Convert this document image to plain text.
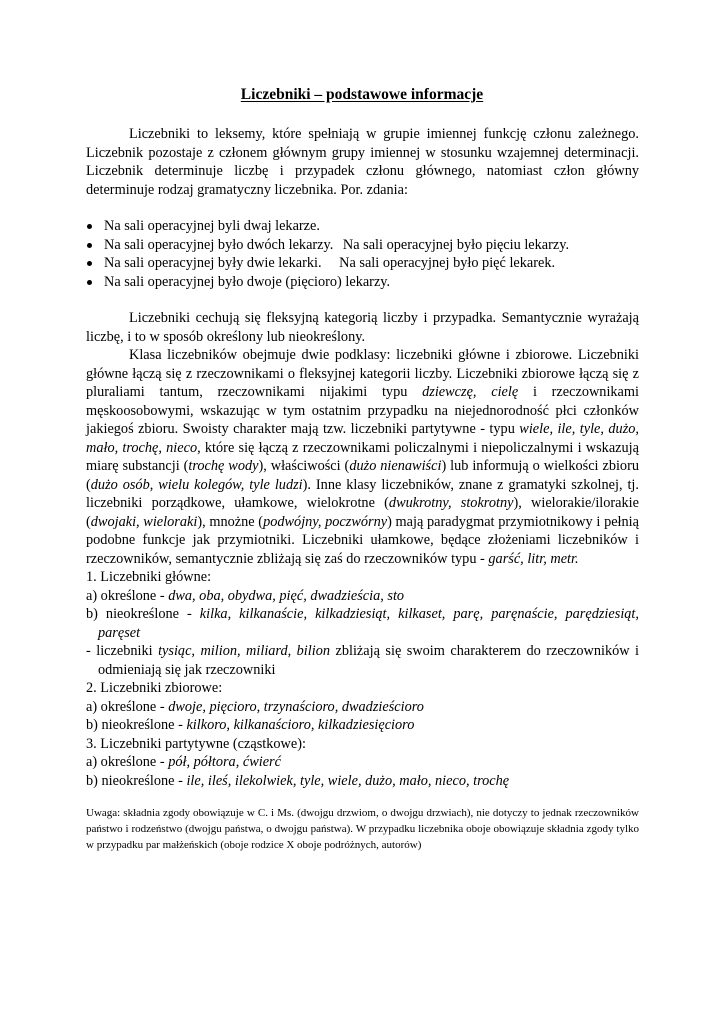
Liczebniki – podstawowe informacje

Liczebniki to leksemy, które spełniają w grupie imiennej funkcję członu zależnego. Liczebnik pozostaje z członem głównym grupy imiennej w stosunku wzajemnej determinacji. Liczebnik determinuje liczbę i przypadek członu głównego, natomiast człon główny determinuje rodzaj gramatyczny liczebnika. Por. zdania:

Na sali operacyjnej byli dwaj lekarze.
Na sali operacyjnej było dwóch lekarzy. Na sali operacyjnej było pięciu lekarzy.
Na sali operacyjnej były dwie lekarki. Na sali operacyjnej było pięć lekarek.
Na sali operacyjnej było dwoje (pięcioro) lekarzy.

Liczebniki cechują się fleksyjną kategorią liczby i przypadka. Semantycznie wyrażają liczbę, i to w sposób określony lub nieokreślony.

Klasa liczebników obejmuje dwie podklasy: liczebniki główne i zbiorowe. Liczebniki główne łączą się z rzeczownikami o fleksyjnej kategorii liczby. Liczebniki zbiorowe łączą się z pluraliami tantum, rzeczownikami nijakimi typu dziewczę, cielę i rzeczownikami męskoosobowymi, wskazując w tym ostatnim przypadku na niejednorodność płci członków jakiegoś zbioru. Swoisty charakter mają tzw. liczebniki partytywne - typu wiele, ile, tyle, dużo, mało, trochę, nieco, które się łączą z rzeczownikami policzalnymi i niepoliczalnymi i wskazują miarę substancji (trochę wody), właściwości (dużo nienawiści) lub informują o wielkości zbioru (dużo osób, wielu kolegów, tyle ludzi). Inne klasy liczebników, znane z gramatyki szkolnej, tj. liczebniki porządkowe, ułamkowe, wielokrotne (dwukrotny, stokrotny), wielorakie/ilorakie (dwojaki, wieloraki), mnożne (podwójny, poczwórny) mają paradygmat przymiotnikowy i pełnią podobne funkcje jak przymiotniki. Liczebniki ułamkowe, będące złożeniami liczebników i rzeczowników, semantycznie zbliżają się zaś do rzeczowników typu - garść, litr, metr.

1. Liczebniki główne:

a) określone - dwa, oba, obydwa, pięć, dwadzieścia, sto

b) nieokreślone - kilka, kilkanaście, kilkadziesiąt, kilkaset, parę, paręnaście, parędziesiąt, paręset

- liczebniki tysiąc, milion, miliard, bilion zbliżają się swoim charakterem do rzeczowników i odmieniają się jak rzeczowniki

2. Liczebniki zbiorowe:

a) określone - dwoje, pięcioro, trzynaścioro, dwadzieścioro

b) nieokreślone - kilkoro, kilkanaścioro, kilkadziesięcioro

3. Liczebniki partytywne (cząstkowe):

a) określone - pół, półtora, ćwierć

b) nieokreślone - ile, ileś, ilekolwiek, tyle, wiele, dużo, mało, nieco, trochę

Uwaga: składnia zgody obowiązuje w C. i Ms. (dwojgu drzwiom, o dwojgu drzwiach), nie dotyczy to jednak rzeczowników państwo i rodzeństwo (dwojgu państwa, o dwojgu państwa). W przypadku liczebnika oboje obowiązuje składnia zgody tylko w przypadku par małżeńskich (oboje rodzice X oboje podróżnych, autorów)
